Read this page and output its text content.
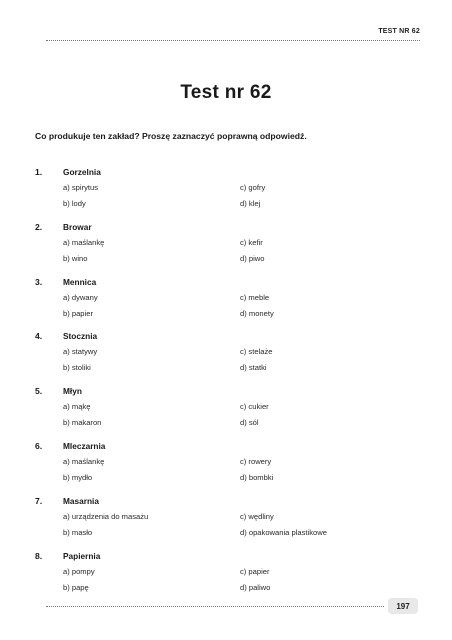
TEST NR 62
Test nr 62
Co produkuje ten zakład? Proszę zaznaczyć poprawną odpowiedź.
1.	Gorzelnia
a) spirytus
b) lody
c) gofry
d) klej
2.	Browar
a) maślankę
b) wino
c) kefir
d) piwo
3.	Mennica
a) dywany
b) papier
c) meble
d) monety
4.	Stocznia
a) statywy
b) stoliki
c) stelaże
d) statki
5.	Młyn
a) mąkę
b) makaron
c) cukier
d) sól
6.	Mleczarnia
a) maślankę
b) mydło
c) rowery
d) bombki
7.	Masarnia
a) urządzenia do masażu
b) masło
c) wędliny
d) opakowania plastikowe
8.	Papiernia
a) pompy
b) papę
c) papier
d) paliwo
197
